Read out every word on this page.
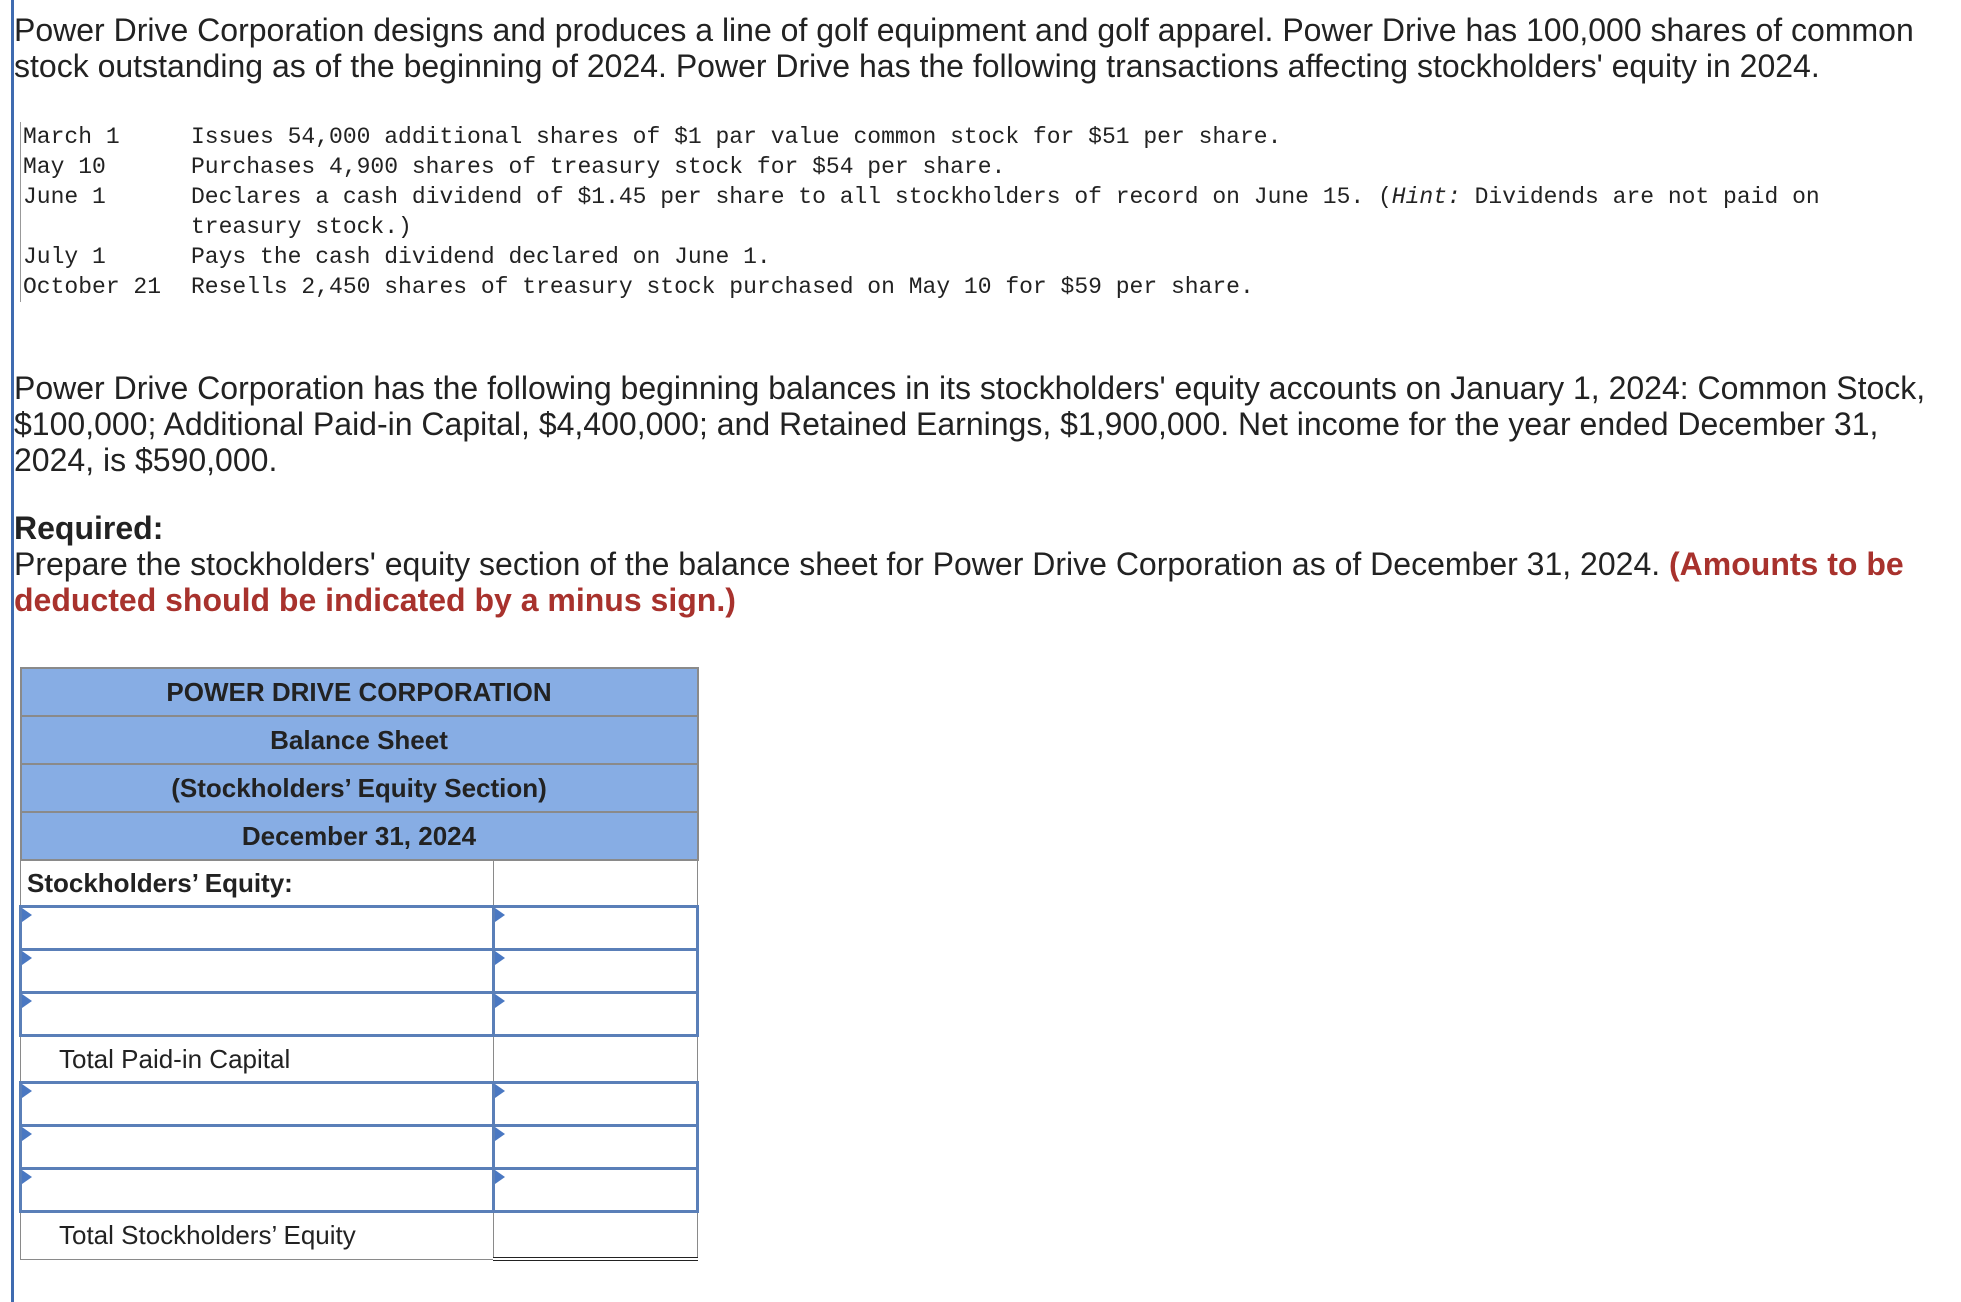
Power Drive Corporation designs and produces a line of golf equipment and golf apparel. Power Drive has 100,000 shares of common stock outstanding as of the beginning of 2024. Power Drive has the following transactions affecting stockholders' equity in 2024.

March 1	Issues 54,000 additional shares of $1 par value common stock for $51 per share.
May 10	Purchases 4,900 shares of treasury stock for $54 per share.
June 1	Declares a cash dividend of $1.45 per share to all stockholders of record on June 15. (Hint: Dividends are not paid on treasury stock.)
July 1	Pays the cash dividend declared on June 1.
October 21	Resells 2,450 shares of treasury stock purchased on May 10 for $59 per share.

Power Drive Corporation has the following beginning balances in its stockholders' equity accounts on January 1, 2024: Common Stock, $100,000; Additional Paid-in Capital, $4,400,000; and Retained Earnings, $1,900,000. Net income for the year ended December 31, 2024, is $590,000.

Required:
Prepare the stockholders' equity section of the balance sheet for Power Drive Corporation as of December 31, 2024. (Amounts to be deducted should be indicated by a minus sign.)

POWER DRIVE CORPORATION	
Balance Sheet	
(Stockholders’ Equity Section)	
December 31, 2024	
Stockholders’ Equity:	

Total Paid-in Capital	

Total Stockholders’ Equity	
